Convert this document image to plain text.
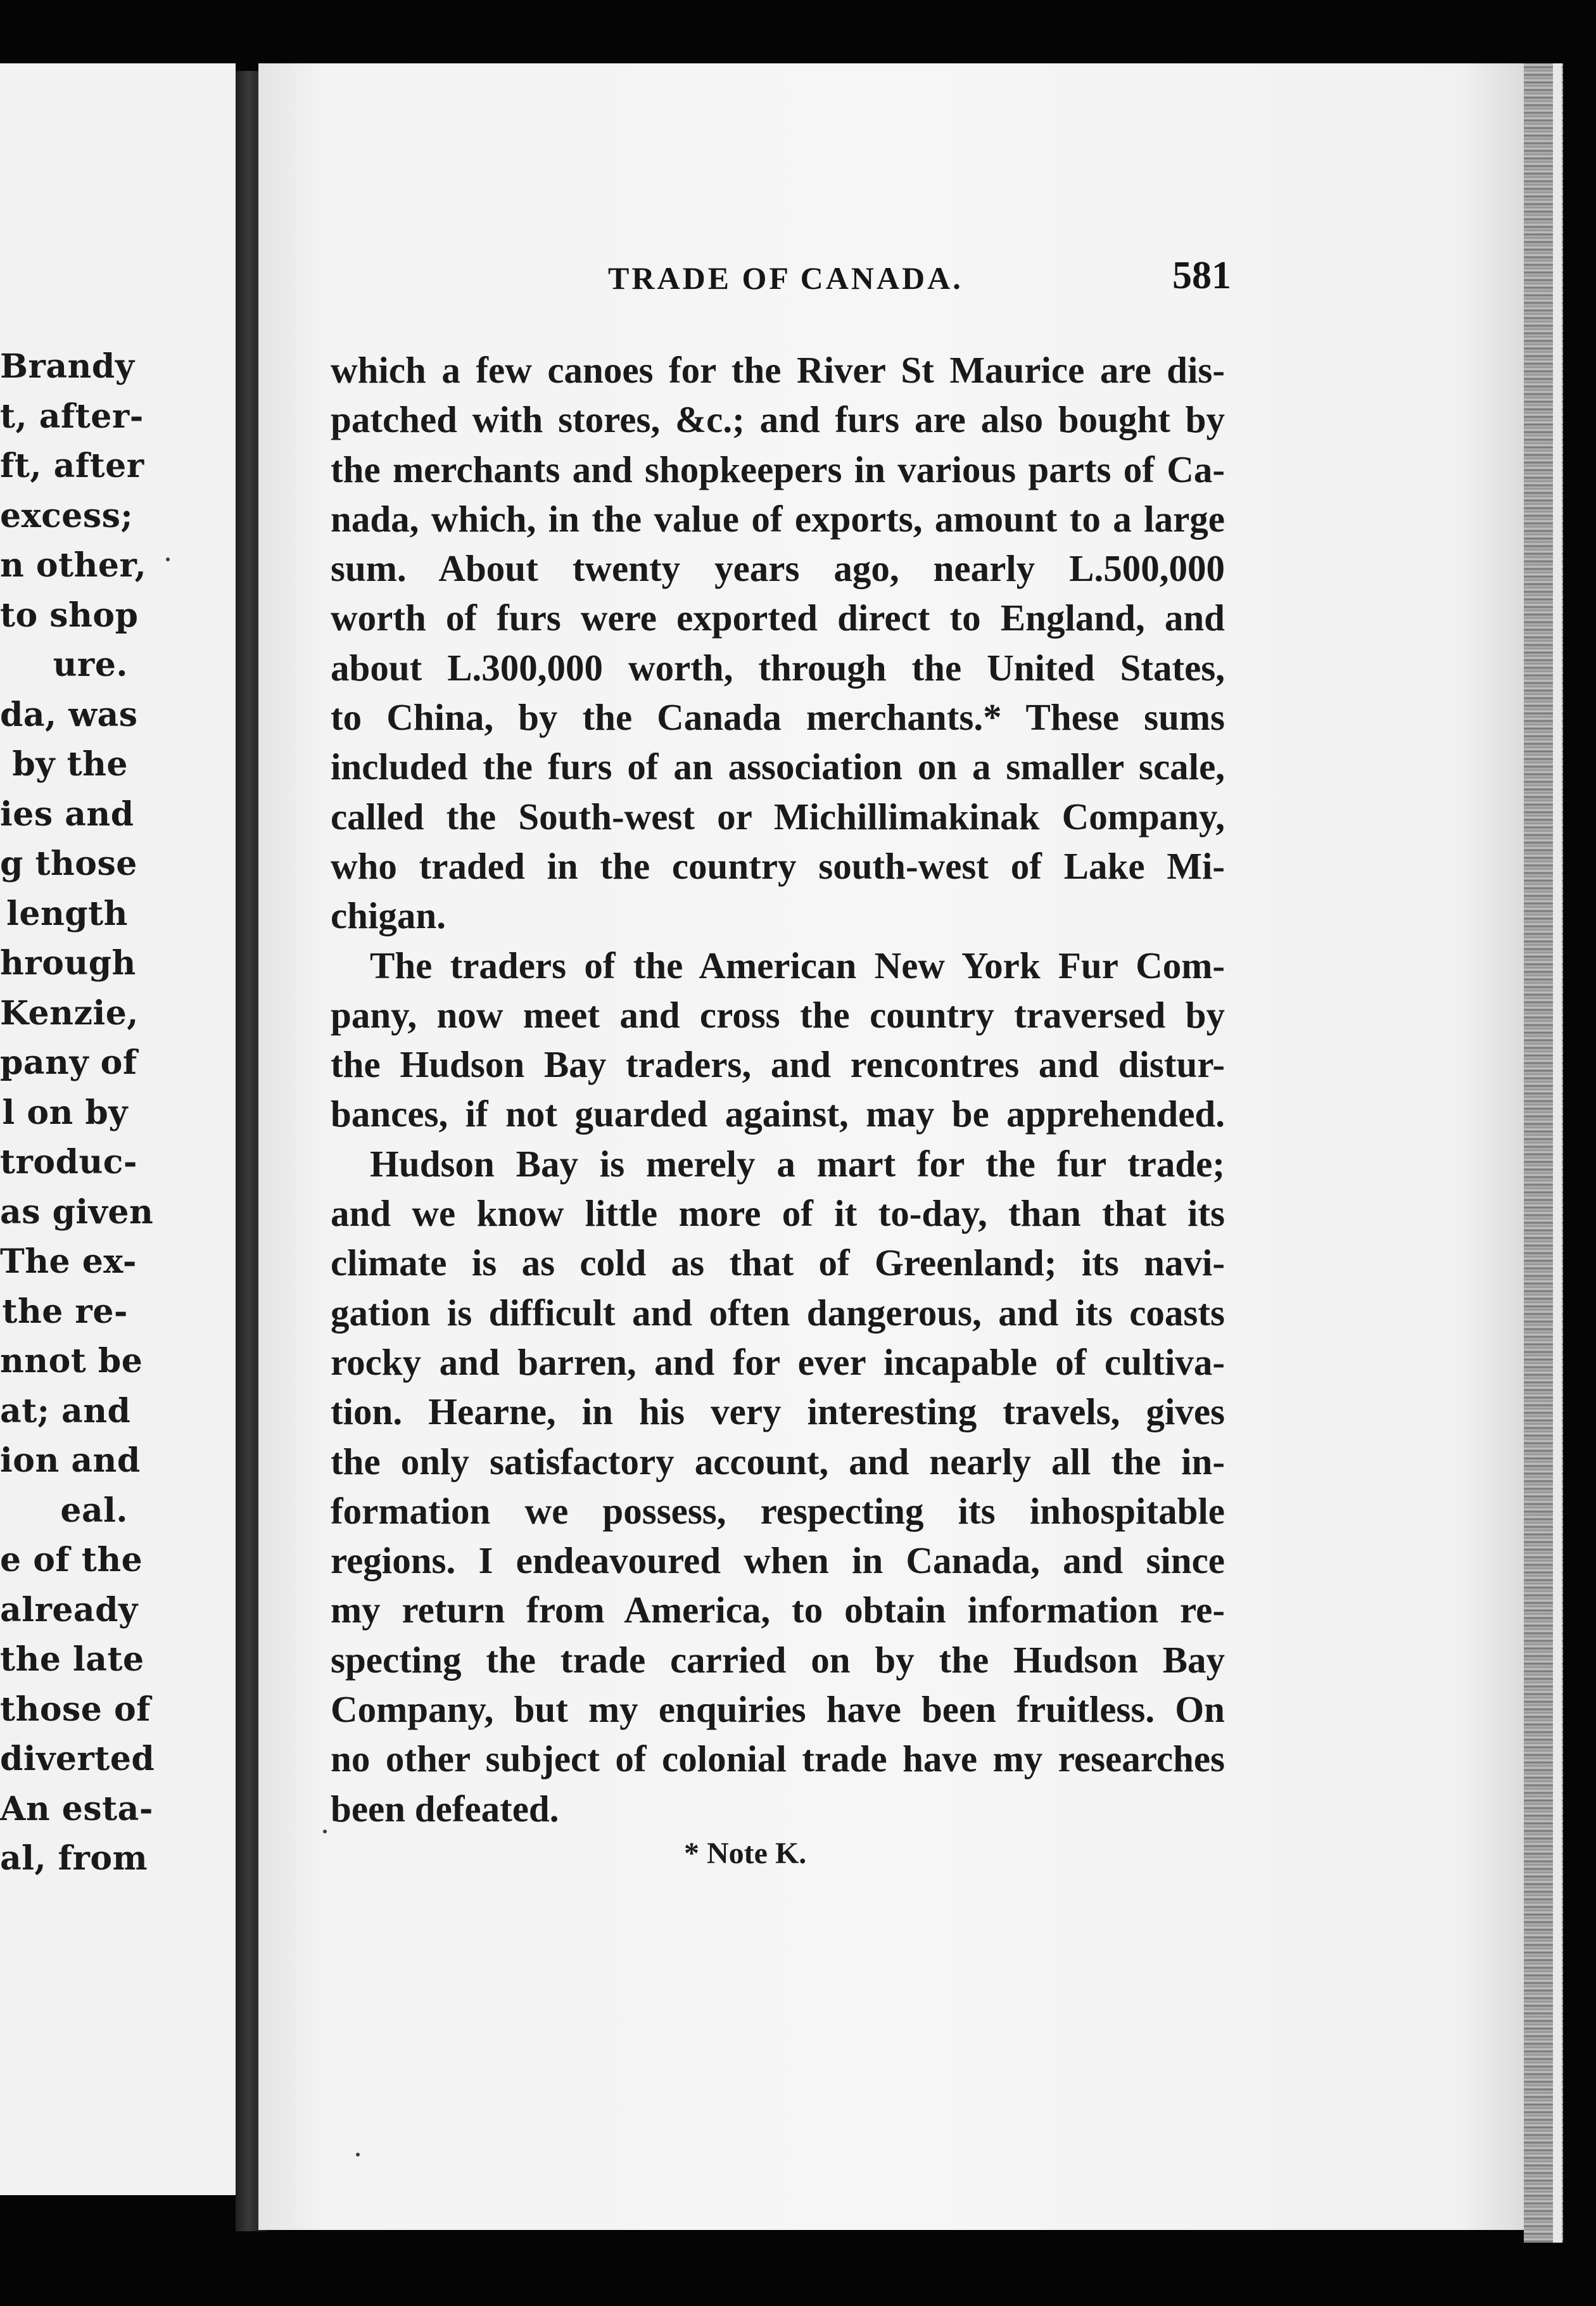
Brandy
t, after-
ft, after
excess;
n other,
to shop
ure.
da, was
by the
ies and
g those
length
hrough
Kenzie,
pany of
l on by
troduc-
as given
The ex-
the re-
nnot be
at; and
ion and
eal.
e of the
already
the late
those of
diverted
An esta-
al, from
TRADE OF CANADA.	581
which a few canoes for the River St Maurice are dis-
patched with stores, &c.; and furs are also bought by
the merchants and shopkeepers in various parts of Ca-
nada, which, in the value of exports, amount to a large
sum. About twenty years ago, nearly L.500,000
worth of furs were exported direct to England, and
about L.300,000 worth, through the United States,
to China, by the Canada merchants.* These sums
included the furs of an association on a smaller scale,
called the South-west or Michillimakinak Company,
who traded in the country south-west of Lake Mi-
chigan.
The traders of the American New York Fur Com-
pany, now meet and cross the country traversed by
the Hudson Bay traders, and rencontres and distur-
bances, if not guarded against, may be apprehended.
Hudson Bay is merely a mart for the fur trade;
and we know little more of it to-day, than that its
climate is as cold as that of Greenland; its navi-
gation is difficult and often dangerous, and its coasts
rocky and barren, and for ever incapable of cultiva-
tion. Hearne, in his very interesting travels, gives
the only satisfactory account, and nearly all the in-
formation we possess, respecting its inhospitable
regions. I endeavoured when in Canada, and since
my return from America, to obtain information re-
specting the trade carried on by the Hudson Bay
Company, but my enquiries have been fruitless. On
no other subject of colonial trade have my researches
been defeated.
* Note K.
